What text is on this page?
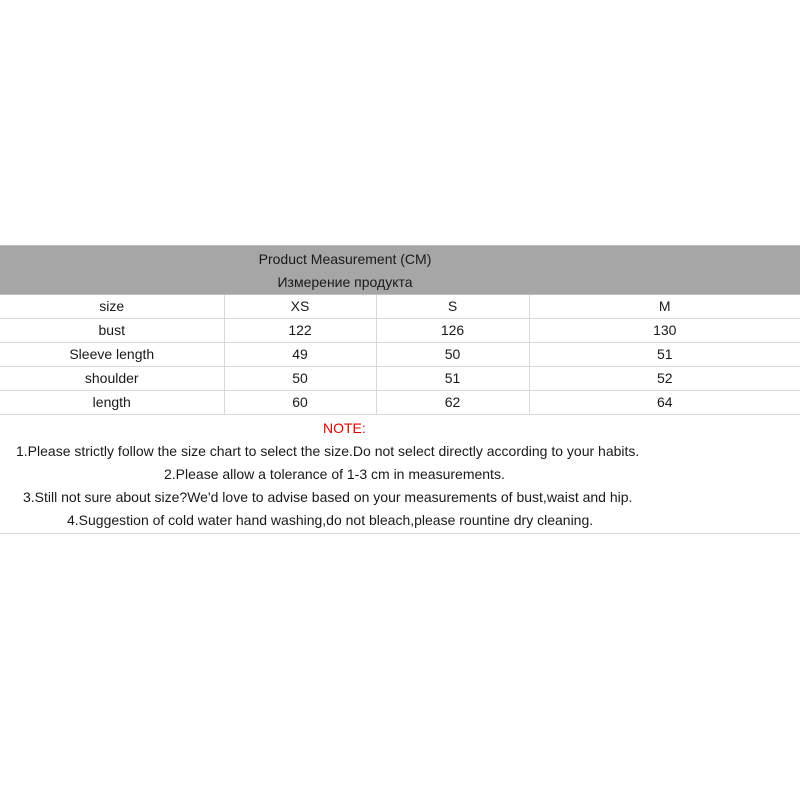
Product Measurement (CM)
Измерение продукта
size	XS	S	M
bust	122	126	130
Sleeve length	49	50	51
shoulder	50	51	52
length	60	62	64
NOTE:
1.Please strictly follow the size chart to select the size.Do not select directly according to your habits.
2.Please allow a tolerance of 1-3 cm in measurements.
3.Still not sure about size?We'd love to advise based on your measurements of bust,waist and hip.
4.Suggestion of cold water hand washing,do not bleach,please rountine dry cleaning.
